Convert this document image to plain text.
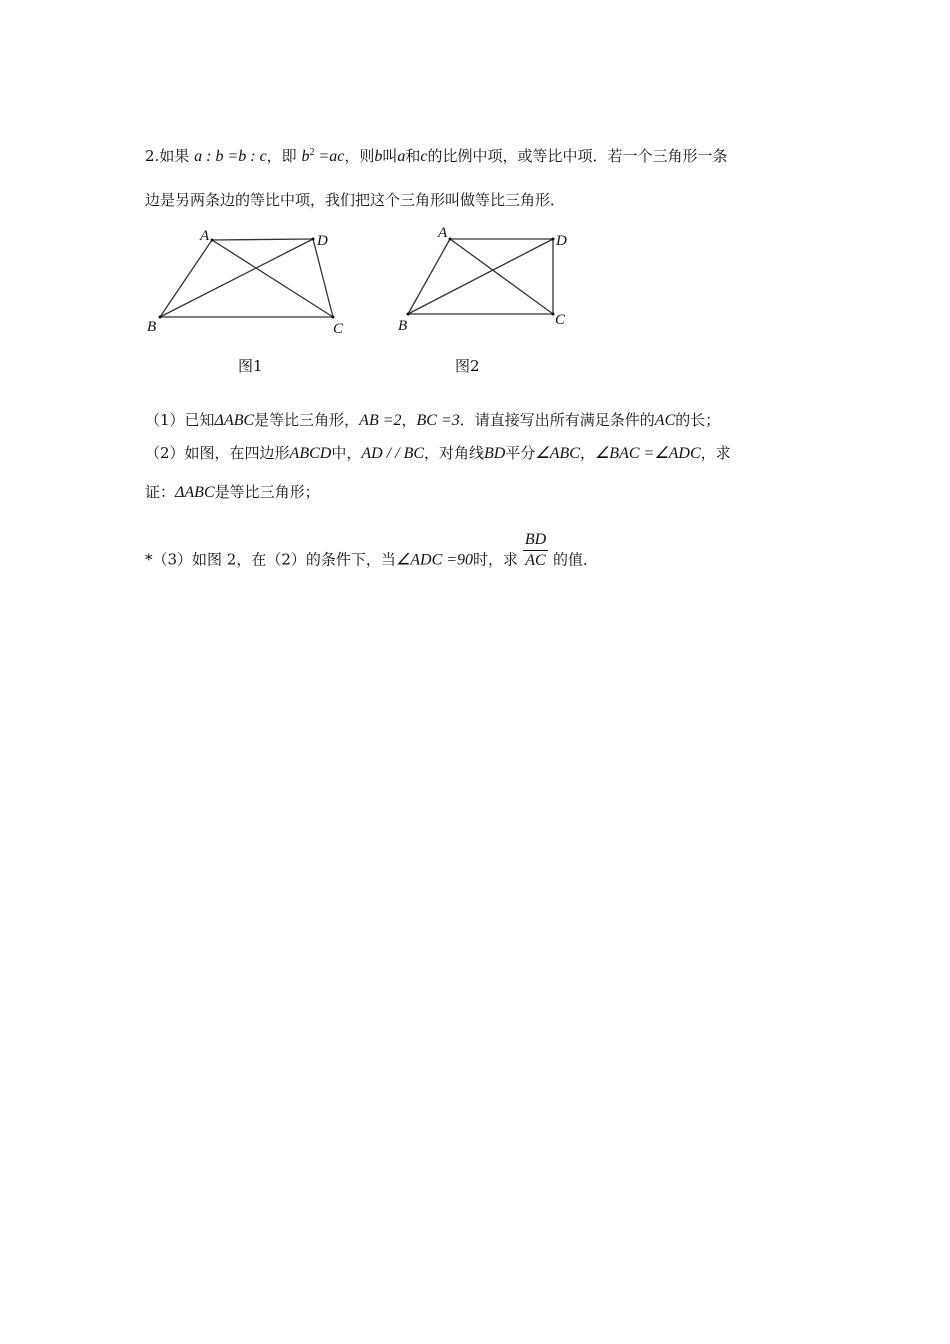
2.如果 a : b =b : c，即 $b^2 =ac$，则b叫a和c的比例中项，或等比中项．若一个三角形一条
边是另两条边的等比中项，我们把这个三角形叫做等比三角形．
A	D
B	C
图1
A	D
B	C
图2
（1）已知ΔABC是等比三角形，AB =2，BC =3．请直接写出所有满足条件的AC的长；
（2）如图，在四边形ABCD中，AD / / BC，对角线BD平分∠ABC，∠BAC =∠ADC，求
证：ΔABC是等比三角形；
*（3）如图 2，在（2）的条件下，当∠ADC =90时，求 $\frac{BD}{AC}$ 的值．
